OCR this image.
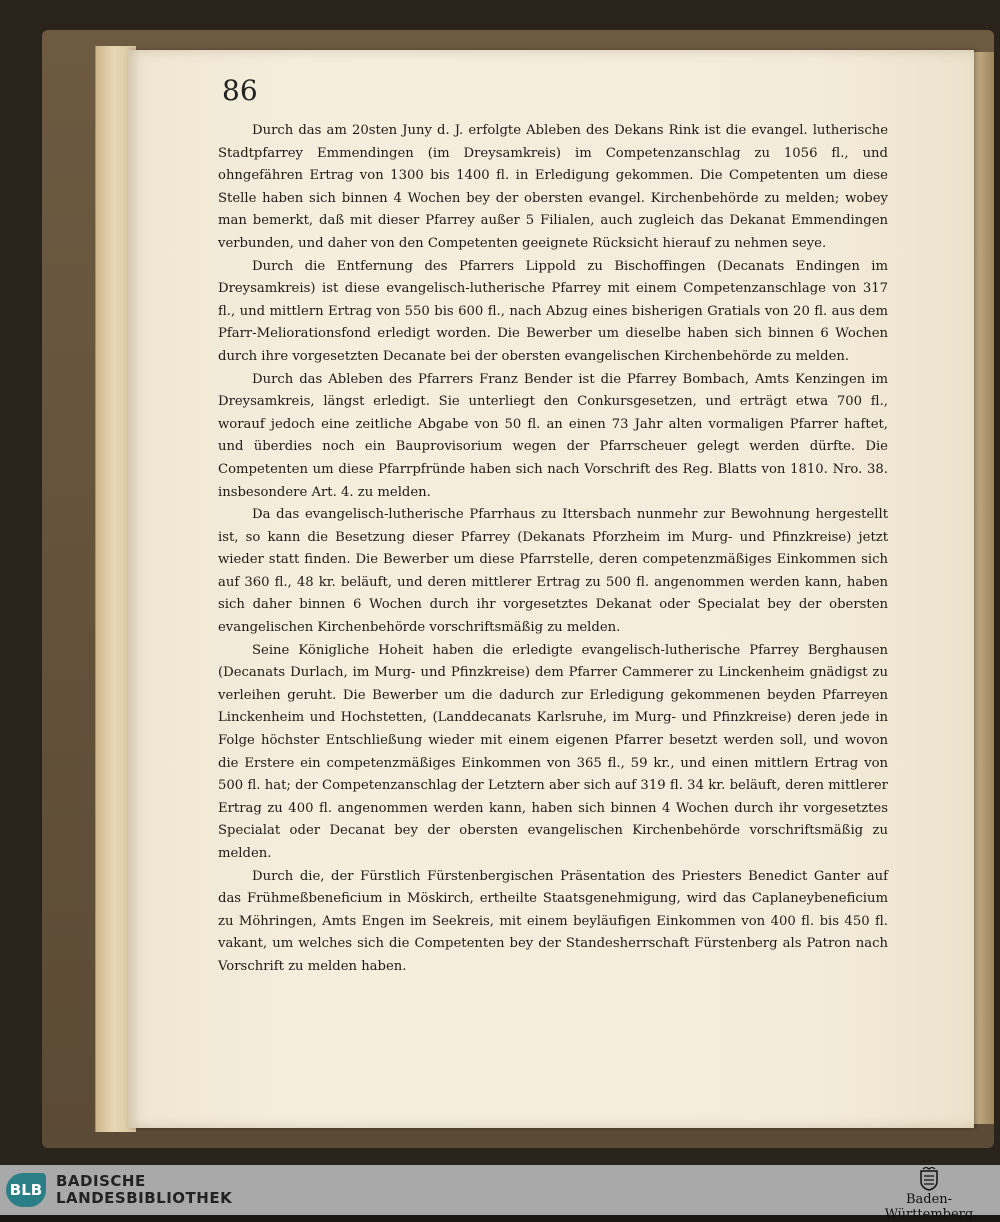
86

Durch das am 20sten Juny d. J. erfolgte Ableben des Dekans Rink ist die evangel. lutherische Stadtpfarrey Emmendingen (im Dreysamkreis) im Competenzanschlag zu 1056 fl., und ohngefähren Ertrag von 1300 bis 1400 fl. in Erledigung gekommen. Die Competenten um diese Stelle haben sich binnen 4 Wochen bey der obersten evangel. Kirchenbehörde zu melden; wobey man bemerkt, daß mit dieser Pfarrey außer 5 Filialen, auch zugleich das Dekanat Emmendingen verbunden, und daher von den Competenten geeignete Rücksicht hierauf zu nehmen seye.

Durch die Entfernung des Pfarrers Lippold zu Bischoffingen (Decanats Endingen im Dreysamkreis) ist diese evangelisch-lutherische Pfarrey mit einem Competenzanschlage von 317 fl., und mittlern Ertrag von 550 bis 600 fl., nach Abzug eines bisherigen Gratials von 20 fl. aus dem Pfarr-Meliorationsfond erledigt worden. Die Bewerber um dieselbe haben sich binnen 6 Wochen durch ihre vorgesetzten Decanate bei der obersten evangelischen Kirchenbehörde zu melden.

Durch das Ableben des Pfarrers Franz Bender ist die Pfarrey Bombach, Amts Kenzingen im Dreysamkreis, längst erledigt. Sie unterliegt den Conkursgesetzen, und erträgt etwa 700 fl., worauf jedoch eine zeitliche Abgabe von 50 fl. an einen 73 Jahr alten vormaligen Pfarrer haftet, und überdies noch ein Bauprovisorium wegen der Pfarrscheuer gelegt werden dürfte. Die Competenten um diese Pfarrpfründe haben sich nach Vorschrift des Reg. Blatts von 1810. Nro. 38. insbesondere Art. 4. zu melden.

Da das evangelisch-lutherische Pfarrhaus zu Ittersbach nunmehr zur Bewohnung hergestellt ist, so kann die Besetzung dieser Pfarrey (Dekanats Pforzheim im Murg- und Pfinzkreise) jetzt wieder statt finden. Die Bewerber um diese Pfarrstelle, deren competenzmäßiges Einkommen sich auf 360 fl., 48 kr. beläuft, und deren mittlerer Ertrag zu 500 fl. angenommen werden kann, haben sich daher binnen 6 Wochen durch ihr vorgesetztes Dekanat oder Specialat bey der obersten evangelischen Kirchenbehörde vorschriftsmäßig zu melden.

Seine Königliche Hoheit haben die erledigte evangelisch-lutherische Pfarrey Berghausen (Decanats Durlach, im Murg- und Pfinzkreise) dem Pfarrer Cammerer zu Linckenheim gnädigst zu verleihen geruht. Die Bewerber um die dadurch zur Erledigung gekommenen beyden Pfarreyen Linckenheim und Hochstetten, (Landdecanats Karlsruhe, im Murg- und Pfinzkreise) deren jede in Folge höchster Entschließung wieder mit einem eigenen Pfarrer besetzt werden soll, und wovon die Erstere ein competenzmäßiges Einkommen von 365 fl., 59 kr., und einen mittlern Ertrag von 500 fl. hat; der Competenzanschlag der Letztern aber sich auf 319 fl. 34 kr. beläuft, deren mittlerer Ertrag zu 400 fl. angenommen werden kann, haben sich binnen 4 Wochen durch ihr vorgesetztes Specialat oder Decanat bey der obersten evangelischen Kirchenbehörde vorschriftsmäßig zu melden.

Durch die, der Fürstlich Fürstenbergischen Präsentation des Priesters Benedict Ganter auf das Frühmeßbeneficium in Möskirch, ertheilte Staatsgenehmigung, wird das Caplaneybeneficium zu Möhringen, Amts Engen im Seekreis, mit einem beyläufigen Einkommen von 400 fl. bis 450 fl. vakant, um welches sich die Competenten bey der Standesherrschaft Fürstenberg als Patron nach Vorschrift zu melden haben.

BLB BADISCHE
LANDESBIBLIOTHEK	Baden-Württemberg
